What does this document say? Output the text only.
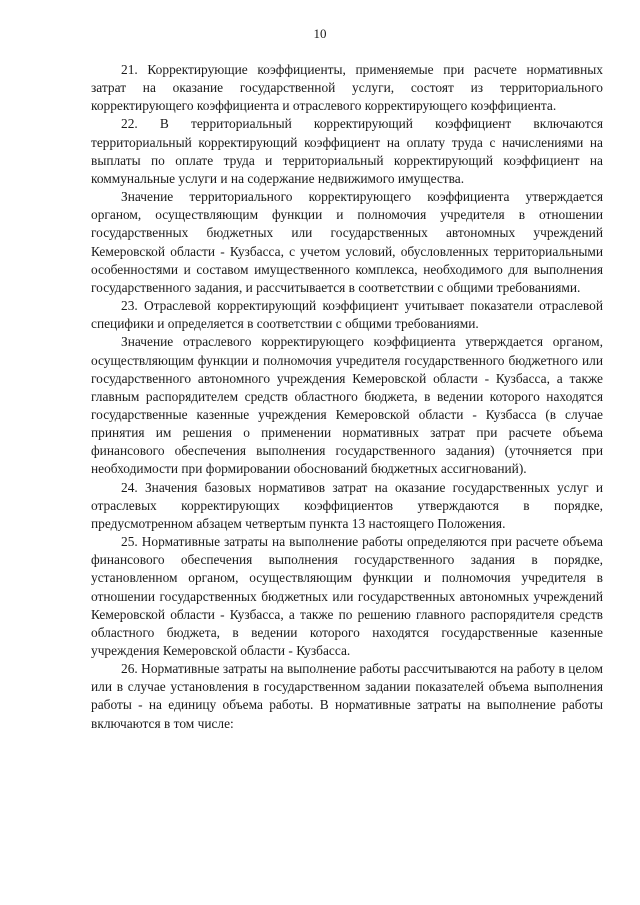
10

21. Корректирующие коэффициенты, применяемые при расчете нормативных затрат на оказание государственной услуги, состоят из территориального корректирующего коэффициента и отраслевого корректирующего коэффициента.

22. В территориальный корректирующий коэффициент включаются территориальный корректирующий коэффициент на оплату труда с начислениями на выплаты по оплате труда и территориальный корректирующий коэффициент на коммунальные услуги и на содержание недвижимого имущества.

Значение территориального корректирующего коэффициента утверждается органом, осуществляющим функции и полномочия учредителя в отношении государственных бюджетных или государственных автономных учреждений Кемеровской области - Кузбасса, с учетом условий, обусловленных территориальными особенностями и составом имущественного комплекса, необходимого для выполнения государственного задания, и рассчитывается в соответствии с общими требованиями.

23. Отраслевой корректирующий коэффициент учитывает показатели отраслевой специфики и определяется в соответствии с общими требованиями.

Значение отраслевого корректирующего коэффициента утверждается органом, осуществляющим функции и полномочия учредителя государственного бюджетного или государственного автономного учреждения Кемеровской области - Кузбасса, а также главным распорядителем средств областного бюджета, в ведении которого находятся государственные казенные учреждения Кемеровской области - Кузбасса (в случае принятия им решения о применении нормативных затрат при расчете объема финансового обеспечения выполнения государственного задания) (уточняется при необходимости при формировании обоснований бюджетных ассигнований).

24. Значения базовых нормативов затрат на оказание государственных услуг и отраслевых корректирующих коэффициентов утверждаются в порядке, предусмотренном абзацем четвертым пункта 13 настоящего Положения.

25. Нормативные затраты на выполнение работы определяются при расчете объема финансового обеспечения выполнения государственного задания в порядке, установленном органом, осуществляющим функции и полномочия учредителя в отношении государственных бюджетных или государственных автономных учреждений Кемеровской области - Кузбасса, а также по решению главного распорядителя средств областного бюджета, в ведении которого находятся государственные казенные учреждения Кемеровской области - Кузбасса.

26. Нормативные затраты на выполнение работы рассчитываются на работу в целом или в случае установления в государственном задании показателей объема выполнения работы - на единицу объема работы. В нормативные затраты на выполнение работы включаются в том числе:
